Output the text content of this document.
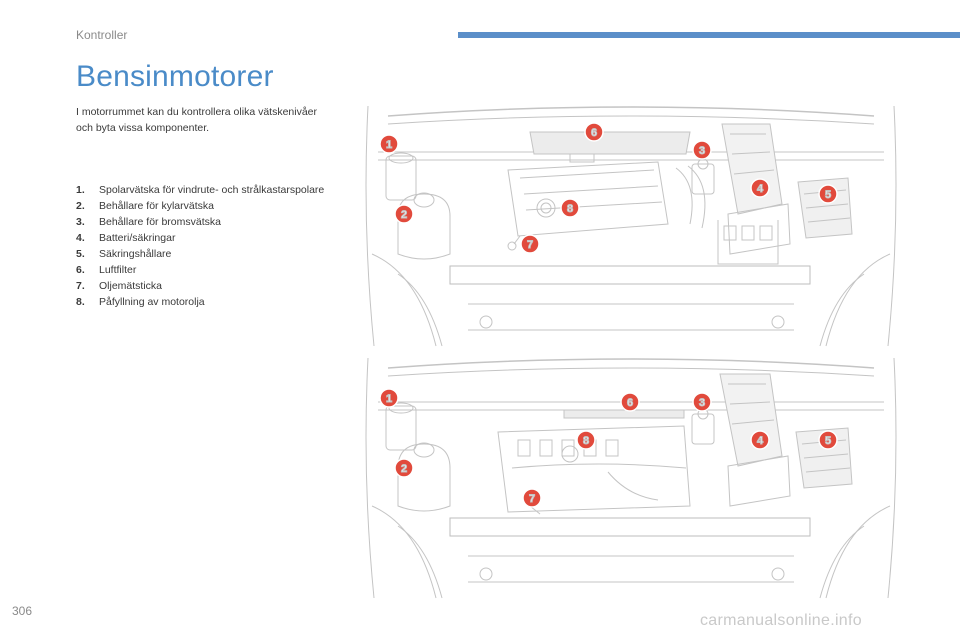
Kontroller
Bensinmotorer

I motorrummet kan du kontrollera olika vätskenivåer och byta vissa komponenter.

1.	Spolarvätska för vindrute- och strålkastarspolare
2.	Behållare för kylarvätska
3.	Behållare för bromsvätska
4.	Batteri/säkringar
5.	Säkringshållare
6.	Luftfilter
7.	Oljemätsticka
8.	Påfyllning av motorolja
1
2
3
4	5
6
7
8
1
2
3
4	5
6
7
8
306
carmanualsonline.info
